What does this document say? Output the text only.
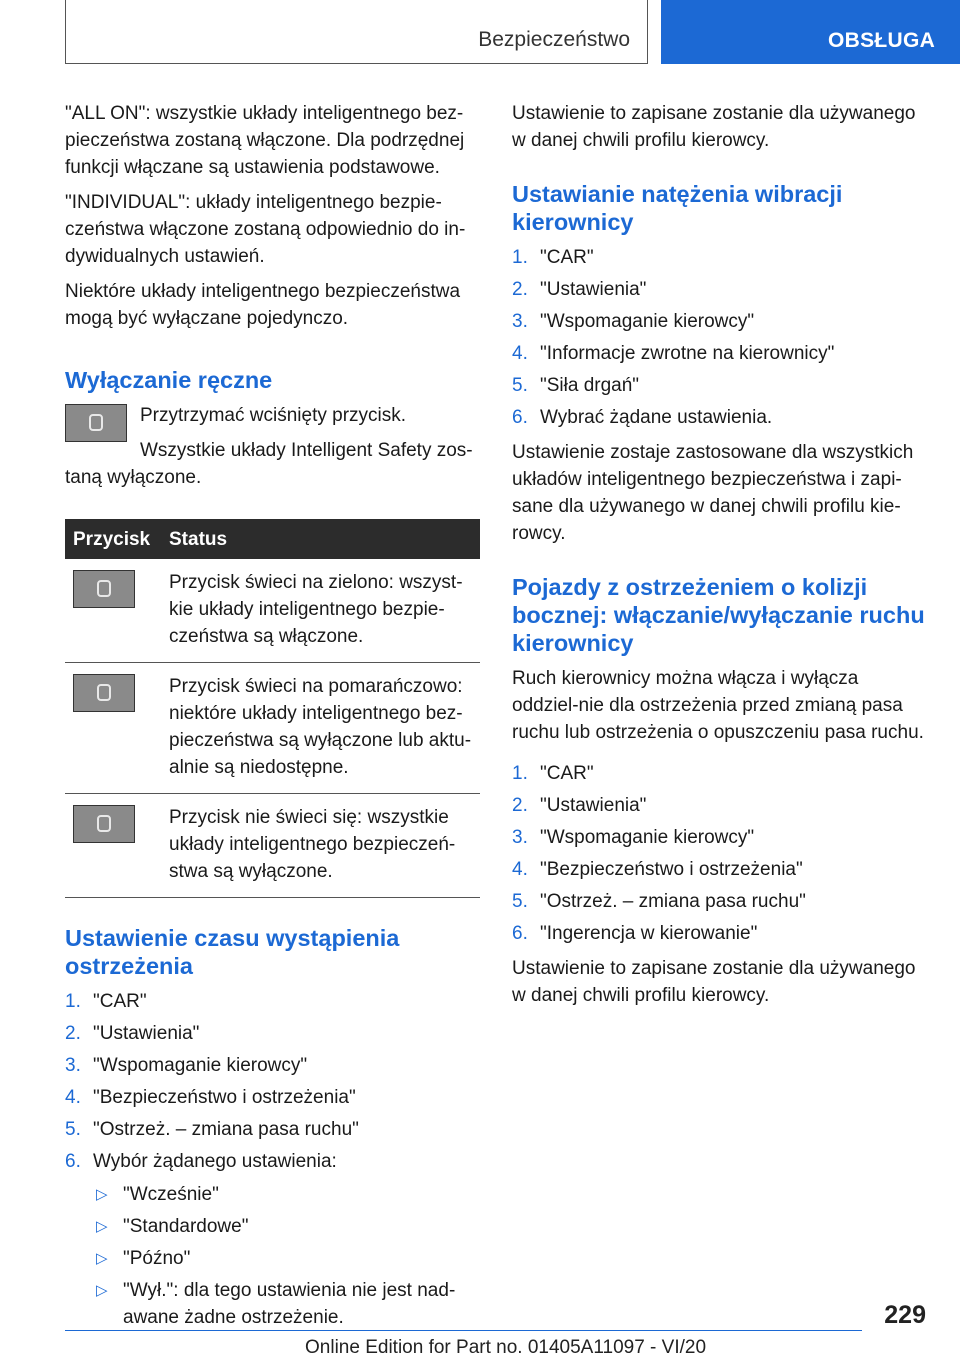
Bezpieczeństwo	OBSŁUGA

"ALL ON": wszystkie układy inteligentnego bez-pieczeństwa zostaną włączone. Dla podrzędnej funkcji włączane są ustawienia podstawowe.

"INDIVIDUAL": układy inteligentnego bezpie-czeństwa włączone zostaną odpowiednio do in-dywidualnych ustawień.

Niektóre układy inteligentnego bezpieczeństwa mogą być wyłączane pojedynczo.

Wyłączanie ręczne

Przytrzymać wciśnięty przycisk.

Wszystkie układy Intelligent Safety zos-

taną wyłączone.

Przycisk	Status

	Przycisk świeci na zielono: wszyst-kie układy inteligentnego bezpie-czeństwa są włączone.

	Przycisk świeci na pomarańczowo: niektóre układy inteligentnego bez-pieczeństwa są wyłączone lub aktu-alnie są niedostępne.

	Przycisk nie świeci się: wszystkie układy inteligentnego bezpieczeń-stwa są wyłączone.
Ustawienie czasu wystąpienia ostrzeżenia
1. "CAR"
2. "Ustawienia"
3. "Wspomaganie kierowcy"
4. "Bezpieczeństwo i ostrzeżenia"
5. "Ostrzeż. – zmiana pasa ruchu"
6. Wybór żądanego ustawienia:
▷ "Wcześnie"
▷ "Standardowe"
▷ "Późno"
▷ "Wył.": dla tego ustawienia nie jest nad-awane żadne ostrzeżenie.

Ustawienie to zapisane zostanie dla używanego w danej chwili profilu kierowcy.

Ustawianie natężenia wibracji kierownicy
1. "CAR"
2. "Ustawienia"
3. "Wspomaganie kierowcy"
4. "Informacje zwrotne na kierownicy"
5. "Siła drgań"
6. Wybrać żądane ustawienia.

Ustawienie zostaje zastosowane dla wszystkich układów inteligentnego bezpieczeństwa i zapi-sane dla używanego w danej chwili profilu kie-rowcy.

Pojazdy z ostrzeżeniem o kolizji bocznej: włączanie/wyłączanie ruchu kierownicy

Ruch kierownicy można włącza i wyłącza oddziel-nie dla ostrzeżenia przed zmianą pasa ruchu lub ostrzeżenia o opuszczeniu pasa ruchu.

1. "CAR"
2. "Ustawienia"
3. "Wspomaganie kierowcy"
4. "Bezpieczeństwo i ostrzeżenia"
5. "Ostrzeż. – zmiana pasa ruchu"
6. "Ingerencja w kierowanie"

Ustawienie to zapisane zostanie dla używanego w danej chwili profilu kierowcy.

229
Online Edition for Part no. 01405A11097 - VI/20
